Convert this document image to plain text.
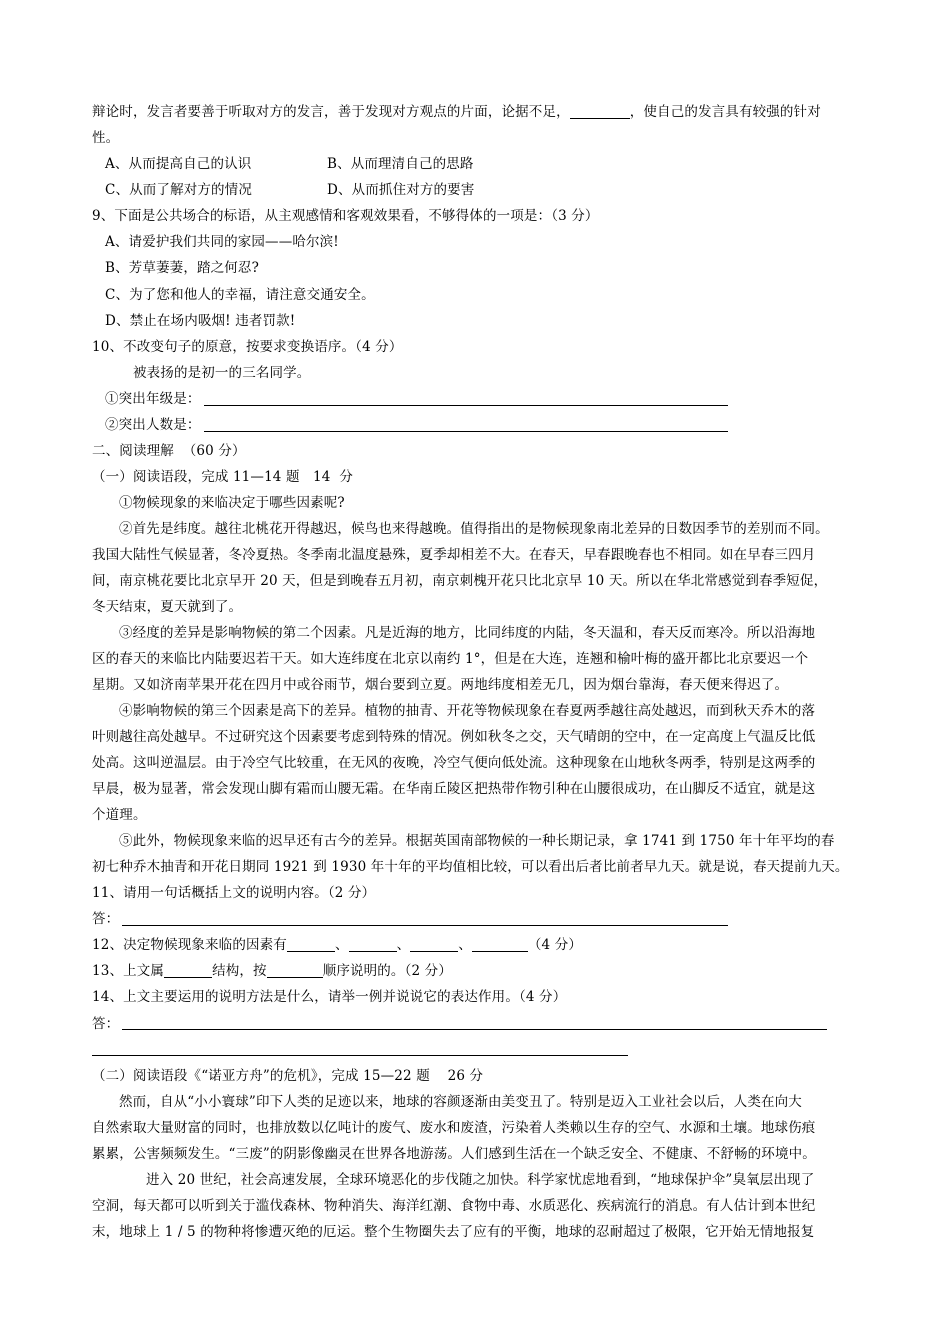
辩论时，发言者要善于听取对方的发言，善于发现对方观点的片面，论据不足，	，使自己的发言具有较强的针对
性。
A、从而提高自己的认识	B、从而理清自己的思路
C、从而了解对方的情况	D、从而抓住对方的要害
9、下面是公共场合的标语，从主观感情和客观效果看，不够得体的一项是：（3 分）
A、请爱护我们共同的家园——哈尔滨!
B、芳草萋萋，踏之何忍?
C、为了您和他人的幸福，请注意交通安全。
D、禁止在场内吸烟! 违者罚款!
10、不改变句子的原意，按要求变换语序。（4 分）
被表扬的是初一的三名同学。
①突出年级是：
②突出人数是：
二、阅读理解  （60 分）
（一）阅读语段，完成 11—14 题   14  分
①物候现象的来临决定于哪些因素呢?
②首先是纬度。越往北桃花开得越迟，候鸟也来得越晚。值得指出的是物候现象南北差异的日数因季节的差别而不同。
我国大陆性气候显著，冬冷夏热。冬季南北温度悬殊，夏季却相差不大。在春天，早春跟晚春也不相同。如在早春三四月
间，南京桃花要比北京早开 20 天，但是到晚春五月初，南京刺槐开花只比北京早 10 天。所以在华北常感觉到春季短促，
冬天结束，夏天就到了。
③经度的差异是影响物候的第二个因素。凡是近海的地方，比同纬度的内陆，冬天温和，春天反而寒冷。所以沿海地
区的春天的来临比内陆要迟若干天。如大连纬度在北京以南约 1°，但是在大连，连翘和榆叶梅的盛开都比北京要迟一个
星期。又如济南苹果开花在四月中或谷雨节，烟台要到立夏。两地纬度相差无几，因为烟台靠海，春天便来得迟了。
④影响物候的第三个因素是高下的差异。植物的抽青、开花等物候现象在春夏两季越往高处越迟，而到秋天乔木的落
叶则越往高处越早。不过研究这个因素要考虑到特殊的情况。例如秋冬之交，天气晴朗的空中，在一定高度上气温反比低
处高。这叫逆温层。由于冷空气比较重，在无风的夜晚，冷空气便向低处流。这种现象在山地秋冬两季，特别是这两季的
早晨，极为显著，常会发现山脚有霜而山腰无霜。在华南丘陵区把热带作物引种在山腰很成功，在山脚反不适宜，就是这
个道理。
⑤此外，物候现象来临的迟早还有古今的差异。根据英国南部物候的一种长期记录，拿 1741 到 1750 年十年平均的春
初七种乔木抽青和开花日期同 1921 到 1930 年十年的平均值相比较，可以看出后者比前者早九天。就是说，春天提前九天。
11、请用一句话概括上文的说明内容。（2 分）
答：
12、决定物候现象来临的因素有	、	、	、	（4 分）
13、上文属	结构，按	顺序说明的。（2 分）
14、上文主要运用的说明方法是什么，请举一例并说说它的表达作用。（4 分）
答：
（二）阅读语段《“诺亚方舟”的危机》，完成 15—22 题    26 分
然而，自从“小小寰球”印下人类的足迹以来，地球的容颜逐渐由美变丑了。特别是迈入工业社会以后，人类在向大
自然索取大量财富的同时，也排放数以亿吨计的废气、废水和废渣，污染着人类赖以生存的空气、水源和土壤。地球伤痕
累累，公害频频发生。“三废”的阴影像幽灵在世界各地游荡。人们感到生活在一个缺乏安全、不健康、不舒畅的环境中。
进入 20 世纪，社会高速发展，全球环境恶化的步伐随之加快。科学家忧虑地看到，“地球保护伞”臭氧层出现了
空洞，每天都可以听到关于滥伐森林、物种消失、海洋红潮、食物中毒、水质恶化、疾病流行的消息。有人估计到本世纪
末，地球上 1 / 5 的物种将惨遭灭绝的厄运。整个生物圈失去了应有的平衡，地球的忍耐超过了极限，它开始无情地报复
